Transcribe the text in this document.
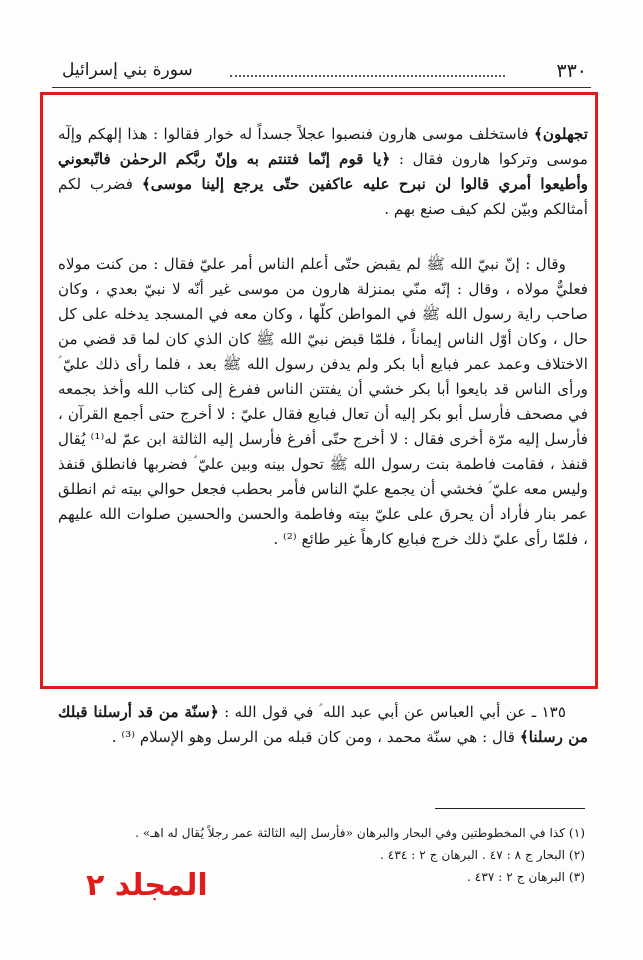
٣٣٠
سورة بني إسرائيل

تجهلون﴾ فاستخلف موسى هارون فنصبوا عجلاً جسداً له خوار فقالوا : هذا إلهكم وإلٓه موسى وتركوا هارون فقال : ﴿يا قوم إنّما فتنتم به وإنّ ربَّكم الرحمٰن فاتّبعوني وأطيعوا أمري قالوا لن نبرح عليه عاكفين حتّى يرجع إلينا موسى﴾ فضرب لكم أمثالكم وبيّن لكم كيف صنع بهم .

وقال : إنّ نبيّ الله ﷺ لم يقبض حتّى أعلم الناس أمر عليّ فقال : من كنت مولاه فعليٌّ مولاه ، وقال : إنّه منّي بمنزلة هارون من موسى غير أنّه لا نبيّ بعدي ، وكان صاحب راية رسول الله ﷺ في المواطن كلّها ، وكان معه في المسجد يدخله على كل حال ، وكان أوّل الناس إيماناً ، فلمّا قبض نبيّ الله ﷺ كان الذي كان لما قد قضي من الاختلاف وعمد عمر فبايع أبا بكر ولم يدفن رسول الله ﷺ بعد ، فلما رأى ذلك عليّ ؑ ورأى الناس قد بايعوا أبا بكر خشي أن يفتتن الناس ففرغ إلى كتاب الله وأخذ بجمعه في مصحف فأرسل أبو بكر إليه أن تعال فبايع فقال عليّ : لا أخرج حتى أجمع القرآن ، فأرسل إليه مرّة أخرى فقال : لا أخرج حتّى أفرغ فأرسل إليه الثالثة ابن عمّ له⁽¹⁾ يُقال قنفذ ، فقامت فاطمة بنت رسول الله ﷺ تحول بينه وبين عليّ ؑ فضربها فانطلق قنفذ وليس معه عليّ ؑ فخشي أن يجمع عليّ الناس فأمر بحطب فجعل حوالي بيته ثم انطلق عمر بنار فأراد أن يحرق على عليّ بيته وفاطمة والحسن والحسين صلوات الله عليهم ، فلمّا رأى عليّ ذلك خرج فبايع كارهاً غير طائع ⁽²⁾ .

١٣٥ ـ عن أبي العباس عن أبي عبد الله ؑ في قول الله : ﴿سنّة من قد أرسلنا قبلك من رسلنا﴾ قال : هي سنّة محمد ، ومن كان قبله من الرسل وهو الإسلام ⁽³⁾ .

(١) كذا في المخطوطتين وفي البحار والبرهان «فأرسل إليه الثالثة عمر رجلاً يُقال له اهـ» .
(٢) البحار ج ٨ : ٤٧ . البرهان ج ٢ : ٤٣٤ .
(٣) البرهان ج ٢ : ٤٣٧ .
المجلد ٢
